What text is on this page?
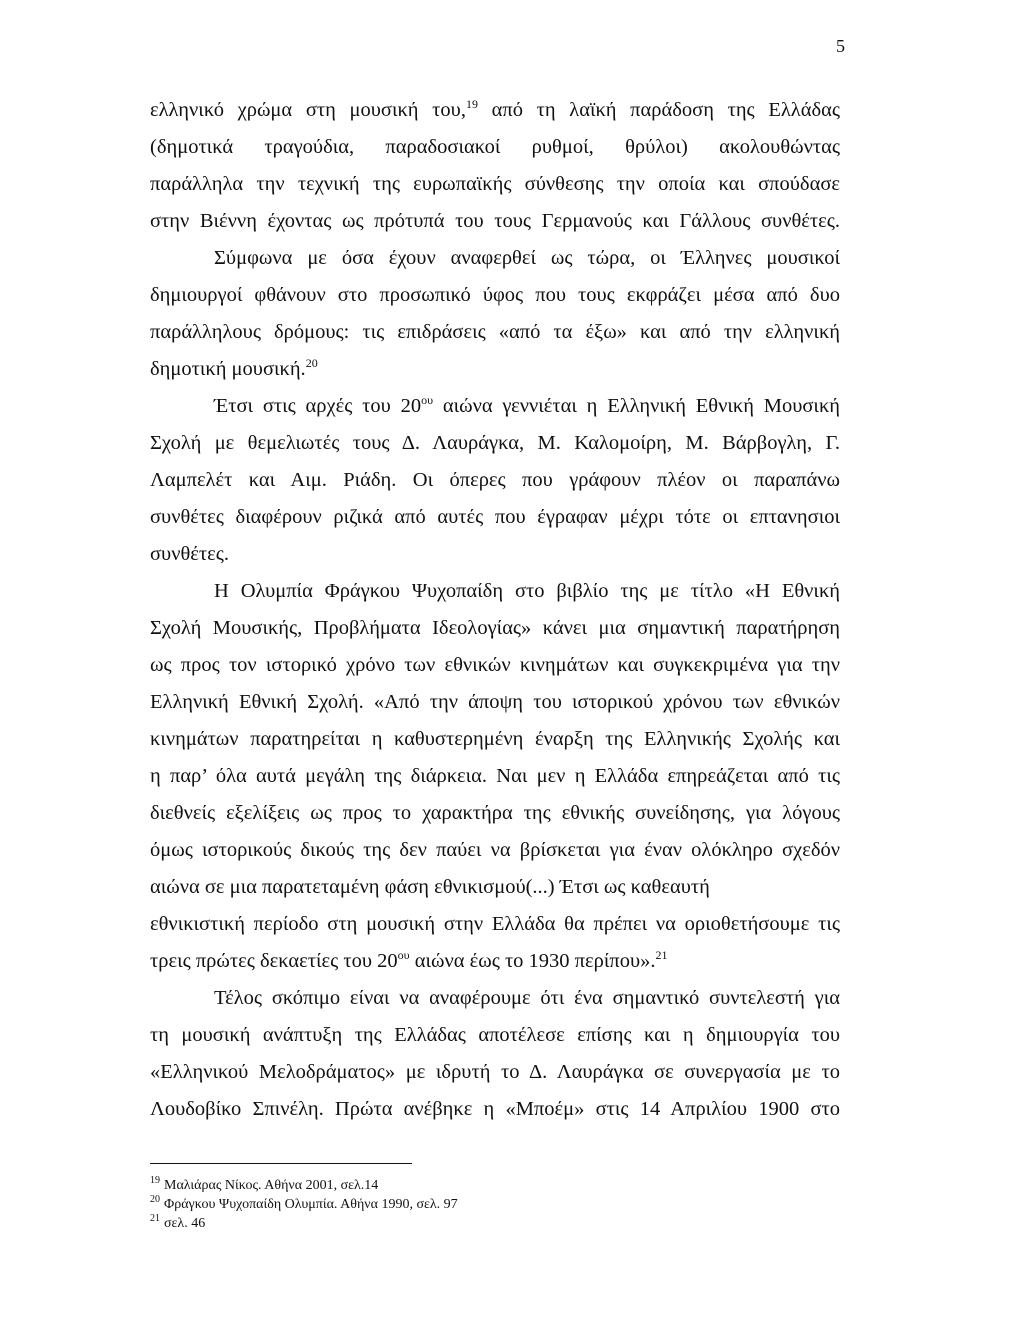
5
ελληνικό χρώμα στη μουσική του,$^{19}$ από τη λαϊκή παράδοση της Ελλάδας
(δημοτικά τραγούδια, παραδοσιακοί ρυθμοί, θρύλοι) ακολουθώντας
παράλληλα την τεχνική της ευρωπαϊκής σύνθεσης την οποία και σπούδασε
στην Βιέννη έχοντας ως πρότυπά του τους Γερμανούς και Γάλλους συνθέτες.
Σύμφωνα με όσα έχουν αναφερθεί ως τώρα, οι Έλληνες μουσικοί
δημιουργοί φθάνουν στο προσωπικό ύφος που τους εκφράζει μέσα από δυο
παράλληλους δρόμους: τις επιδράσεις «από τα έξω» και από την ελληνική
δημοτική μουσική.$^{20}$
Έτσι στις αρχές του $20^{o\upsilon}$ αιώνα γεννιέται η Ελληνική Εθνική Μουσική
Σχολή με θεμελιωτές τους Δ. Λαυράγκα, Μ. Καλομοίρη, Μ. Βάρβογλη, Γ.
Λαμπελέτ και Αιμ. Ριάδη. Οι όπερες που γράφουν πλέον οι παραπάνω
συνθέτες διαφέρουν ριζικά από αυτές που έγραφαν μέχρι τότε οι επτανησιοι
συνθέτες.
Η Ολυμπία Φράγκου Ψυχοπαίδη στο βιβλίο της με τίτλο «Η Εθνική
Σχολή Μουσικής, Προβλήματα Ιδεολογίας» κάνει μια σημαντική παρατήρηση
ως προς τον ιστορικό χρόνο των εθνικών κινημάτων και συγκεκριμένα για την
Ελληνική Εθνική Σχολή. «Από την άποψη του ιστορικού χρόνου των εθνικών
κινημάτων παρατηρείται η καθυστερημένη έναρξη της Ελληνικής Σχολής και
η παρ’ όλα αυτά μεγάλη της διάρκεια. Ναι μεν η Ελλάδα επηρεάζεται από τις
διεθνείς εξελίξεις ως προς το χαρακτήρα της εθνικής συνείδησης, για λόγους
όμως ιστορικούς δικούς της δεν παύει να βρίσκεται για έναν ολόκληρο σχεδόν
αιώνα σε μια παρατεταμένη φάση εθνικισμού(...) Έτσι ως καθεαυτή
εθνικιστική περίοδο στη μουσική στην Ελλάδα θα πρέπει να οριοθετήσουμε τις
τρεις πρώτες δεκαετίες του $20^{o\upsilon}$ αιώνα έως το 1930 περίπου».$^{21}$
Τέλος σκόπιμο είναι να αναφέρουμε ότι ένα σημαντικό συντελεστή για
τη μουσική ανάπτυξη της Ελλάδας αποτέλεσε επίσης και η δημιουργία του
«Ελληνικού Μελοδράματος» με ιδρυτή το Δ. Λαυράγκα σε συνεργασία με το
Λουδοβίκο Σπινέλη. Πρώτα ανέβηκε η «Μποέμ» στις 14 Απριλίου 1900 στο
$^{19}$ Μαλιάρας Νίκος. Αθήνα 2001, σελ.14
$^{20}$ Φράγκου Ψυχοπαίδη Ολυμπία. Αθήνα 1990, σελ. 97
$^{21}$ σελ. 46
